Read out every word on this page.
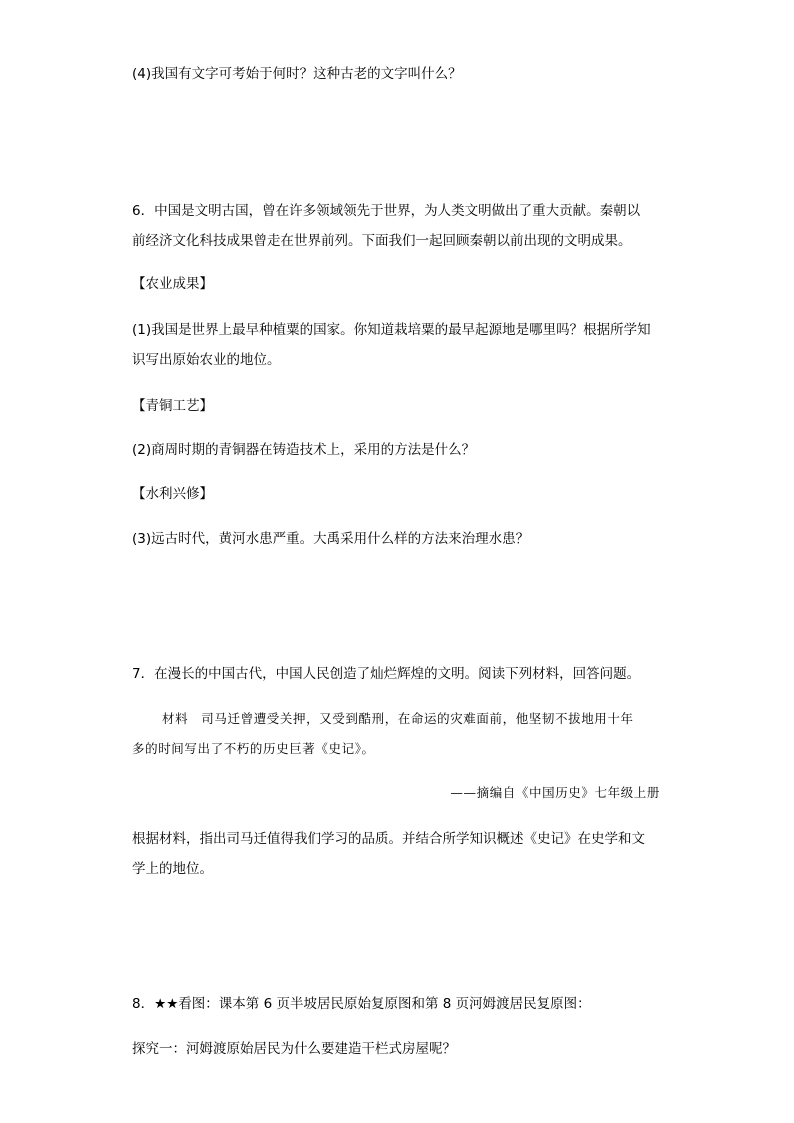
(4)我国有文字可考始于何时？这种古老的文字叫什么？
6．中国是文明古国，曾在许多领域领先于世界，为人类文明做出了重大贡献。秦朝以
前经济文化科技成果曾走在世界前列。下面我们一起回顾秦朝以前出现的文明成果。
【农业成果】
(1)我国是世界上最早种植粟的国家。你知道栽培粟的最早起源地是哪里吗？根据所学知
识写出原始农业的地位。
【青铜工艺】
(2)商周时期的青铜器在铸造技术上，采用的方法是什么？
【水利兴修】
(3)远古时代，黄河水患严重。大禹采用什么样的方法来治理水患？
7．在漫长的中国古代，中国人民创造了灿烂辉煌的文明。阅读下列材料，回答问题。
材料　司马迁曾遭受关押，又受到酷刑，在命运的灾难面前，他坚韧不拔地用十年
多的时间写出了不朽的历史巨著《史记》。
——摘编自《中国历史》七年级上册
根据材料，指出司马迁值得我们学习的品质。并结合所学知识概述《史记》在史学和文
学上的地位。
8．★★看图：课本第 6 页半坡居民原始复原图和第 8 页河姆渡居民复原图：
探究一：河姆渡原始居民为什么要建造干栏式房屋呢？
